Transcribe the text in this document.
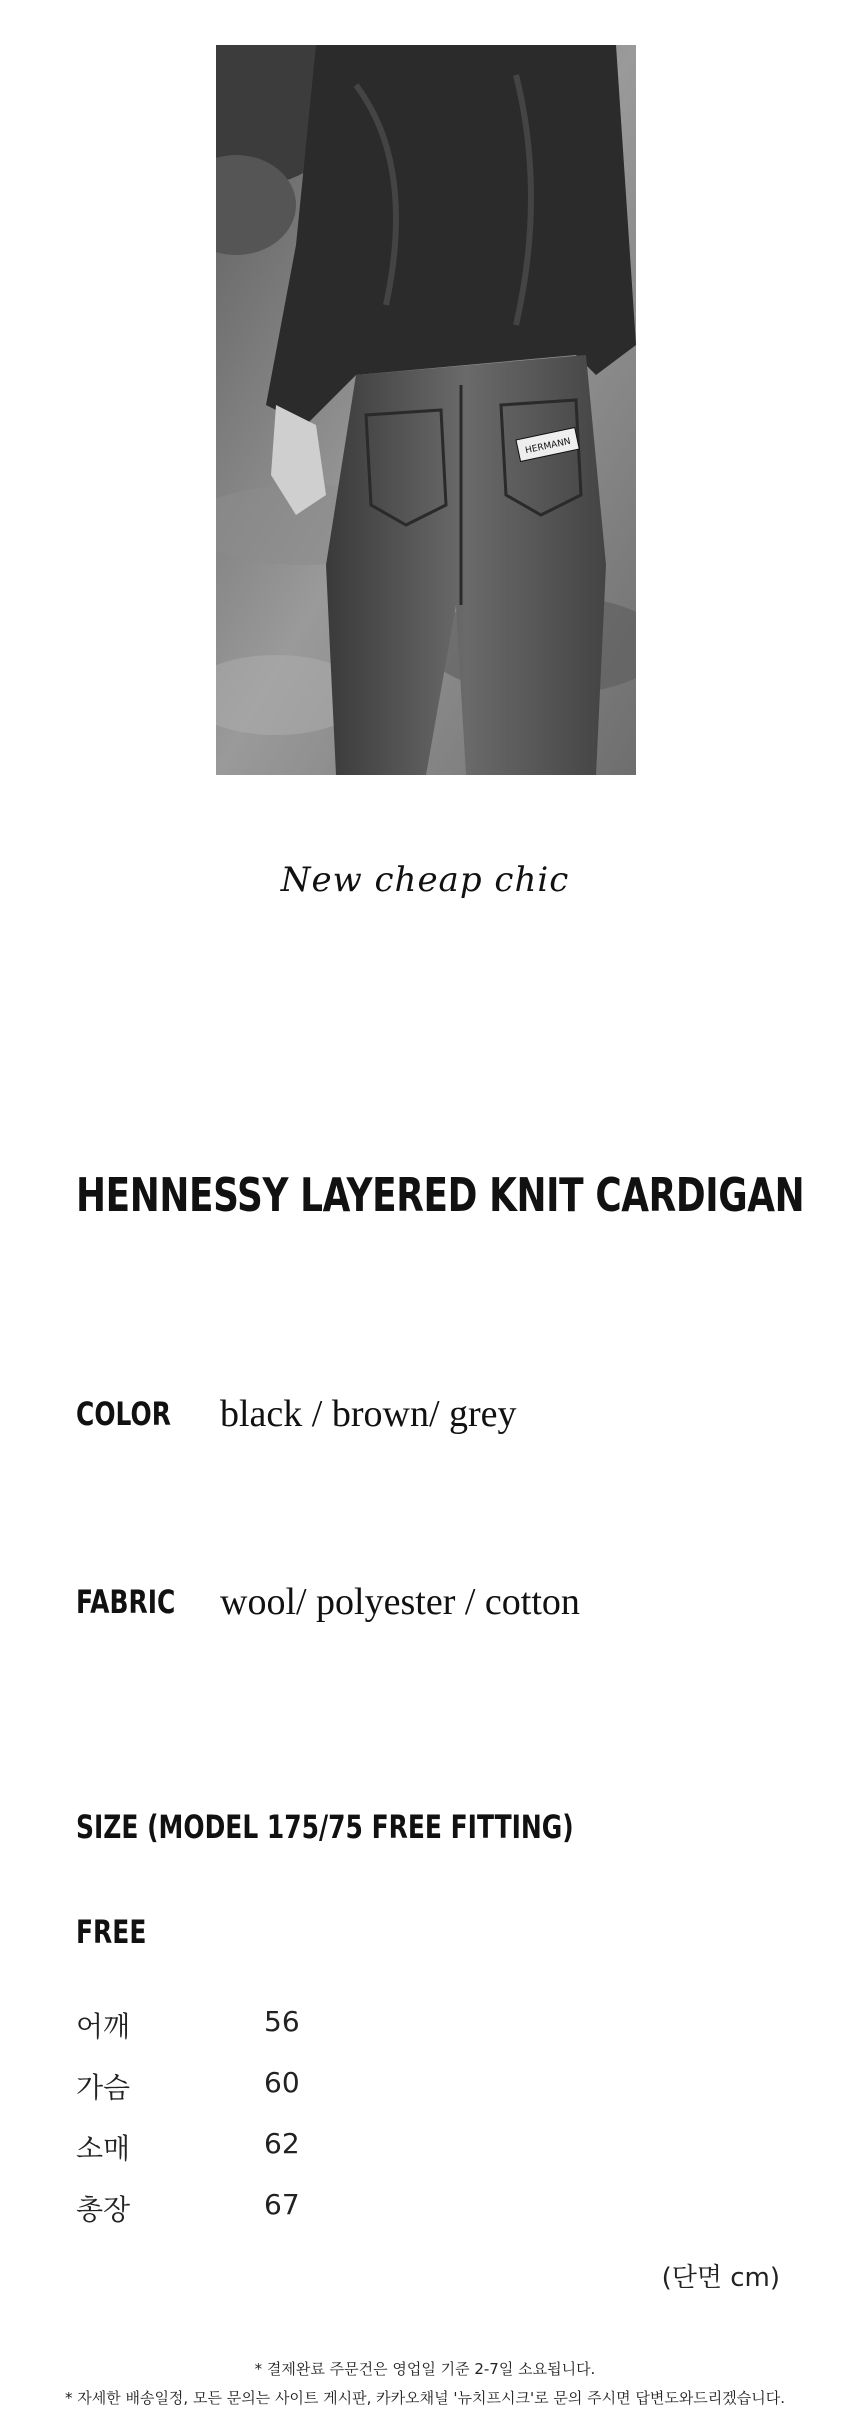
HERMANN
New cheap chic
HENNESSY LAYERED KNIT CARDIGAN
COLOR black / brown/ grey
FABRIC wool/ polyester / cotton
SIZE (MODEL 175/75 FREE FITTING)
FREE
어깨	56
가슴	60
소매	62
총장	67
(단면 cm)
* 결제완료 주문건은 영업일 기준 2-7일 소요됩니다.
* 자세한 배송일정, 모든 문의는 사이트 게시판, 카카오채널 '뉴치프시크'로 문의 주시면 답변도와드리겠습니다.
